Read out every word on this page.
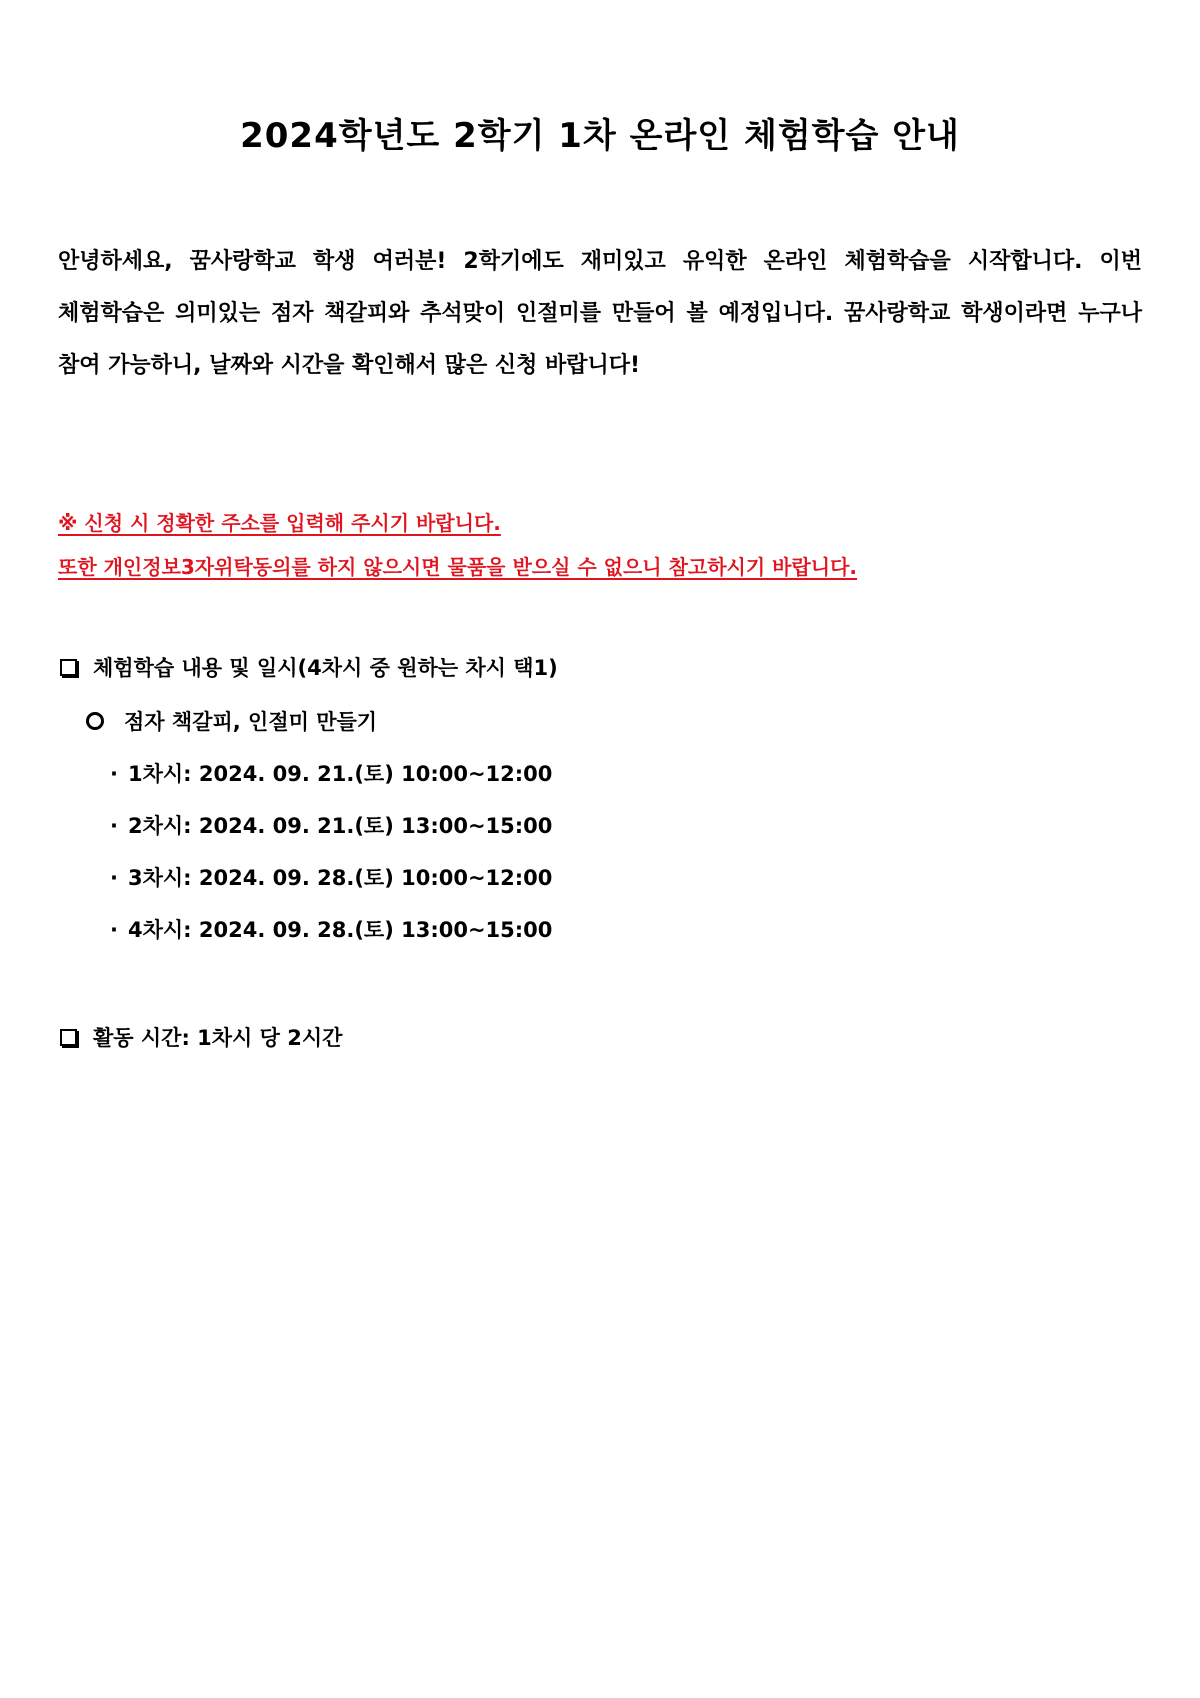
2024학년도 2학기 1차 온라인 체험학습 안내
안녕하세요, 꿈사랑학교 학생 여러분! 2학기에도 재미있고 유익한 온라인 체험학습을 시작합니다. 이번 체험학습은 의미있는 점자 책갈피와 추석맞이 인절미를 만들어 볼 예정입니다. 꿈사랑학교 학생이라면 누구나 참여 가능하니, 날짜와 시간을 확인해서 많은 신청 바랍니다!
※ 신청 시 정확한 주소를 입력해 주시기 바랍니다.
또한 개인정보3자위탁동의를 하지 않으시면 물품을 받으실 수 없으니 참고하시기 바랍니다.
체험학습 내용 및 일시(4차시 중 원하는 차시 택1)
점자 책갈피, 인절미 만들기
· 1차시: 2024. 09. 21.(토) 10:00~12:00
· 2차시: 2024. 09. 21.(토) 13:00~15:00
· 3차시: 2024. 09. 28.(토) 10:00~12:00
· 4차시: 2024. 09. 28.(토) 13:00~15:00
활동 시간: 1차시 당 2시간
